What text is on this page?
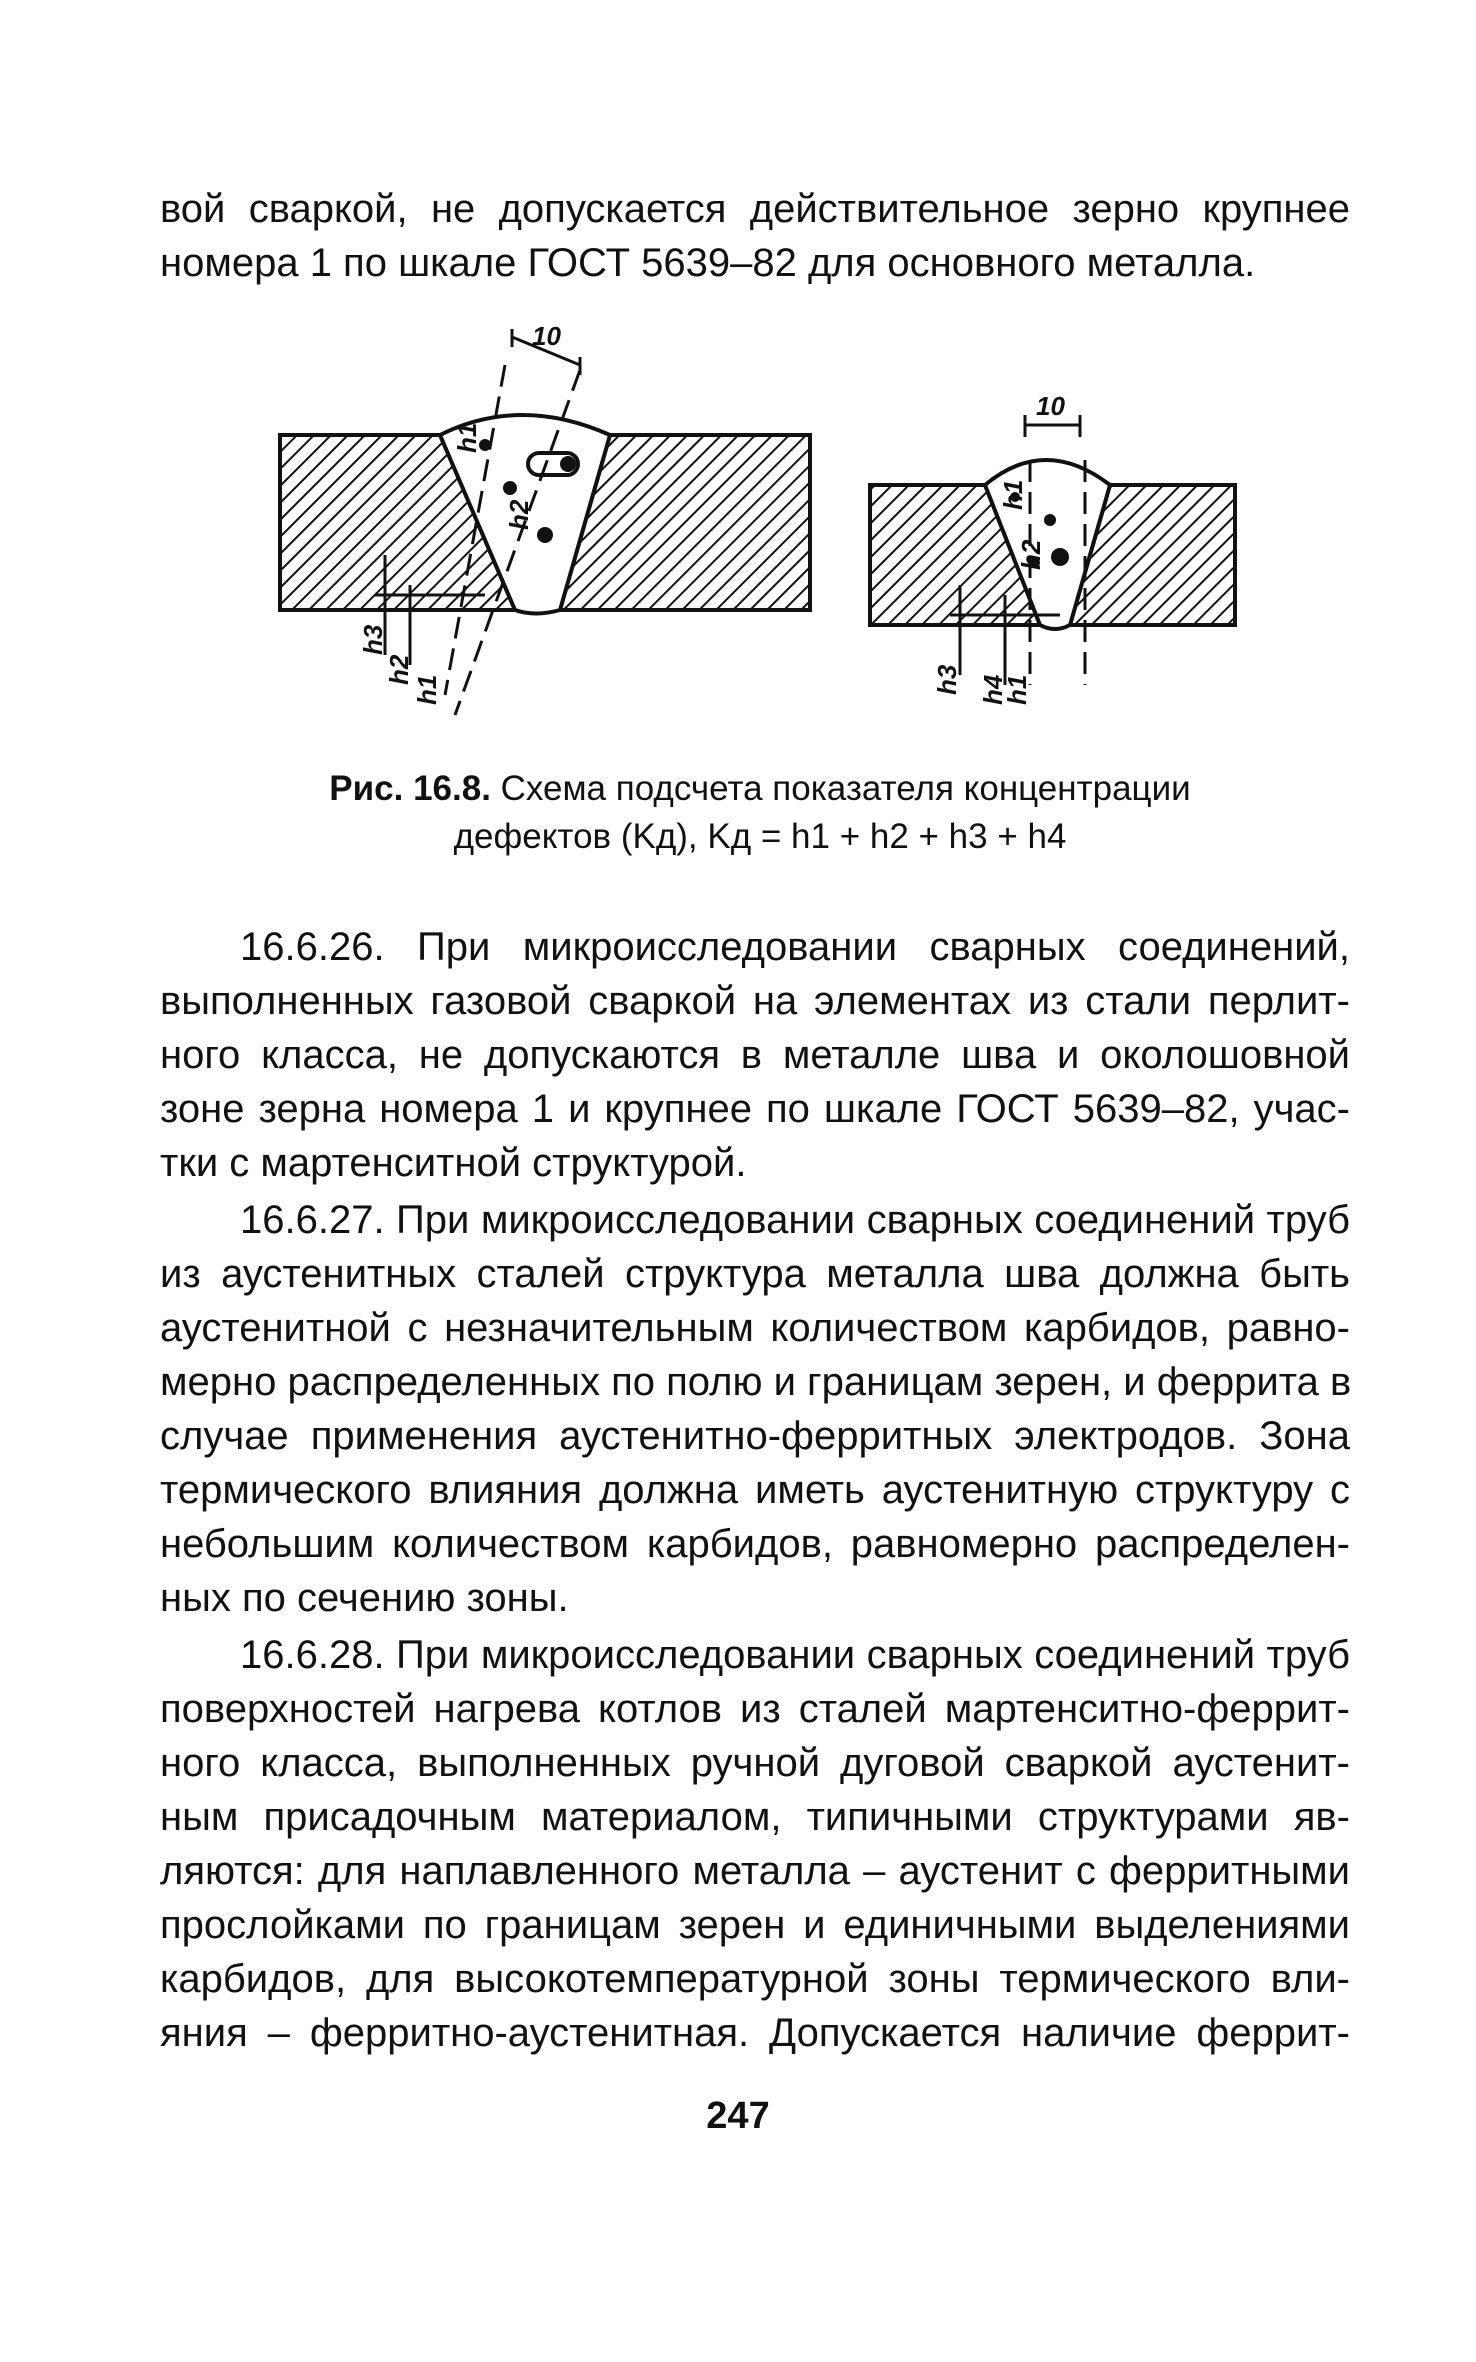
вой сваркой, не допускается действительное зерно крупнее
номера 1 по шкале ГОСТ 5639–82 для основного металла.
10
h1
h2
h3
h2
h1
10
h1
h2
h3 h4
h1
Рис. 16.8. Схема подсчета показателя концентрации
дефектов (Kд), Kд = h1 + h2 + h3 + h4
16.6.26. При микроисследовании сварных соединений,
выполненных газовой сваркой на элементах из стали перлит-
ного класса, не допускаются в металле шва и околошовной
зоне зерна номера 1 и крупнее по шкале ГОСТ 5639–82, учас-
тки с мартенситной структурой.
16.6.27. При микроисследовании сварных соединений труб
из аустенитных сталей структура металла шва должна быть
аустенитной с незначительным количеством карбидов, равно-
мерно распределенных по полю и границам зерен, и феррита в
случае применения аустенитно-ферритных электродов. Зона
термического влияния должна иметь аустенитную структуру с
небольшим количеством карбидов, равномерно распределен-
ных по сечению зоны.
16.6.28. При микроисследовании сварных соединений труб
поверхностей нагрева котлов из сталей мартенситно-феррит-
ного класса, выполненных ручной дуговой сваркой аустенит-
ным присадочным материалом, типичными структурами яв-
ляются: для наплавленного металла – аустенит с ферритными
прослойками по границам зерен и единичными выделениями
карбидов, для высокотемпературной зоны термического вли-
яния – ферритно-аустенитная. Допускается наличие феррит-
247
